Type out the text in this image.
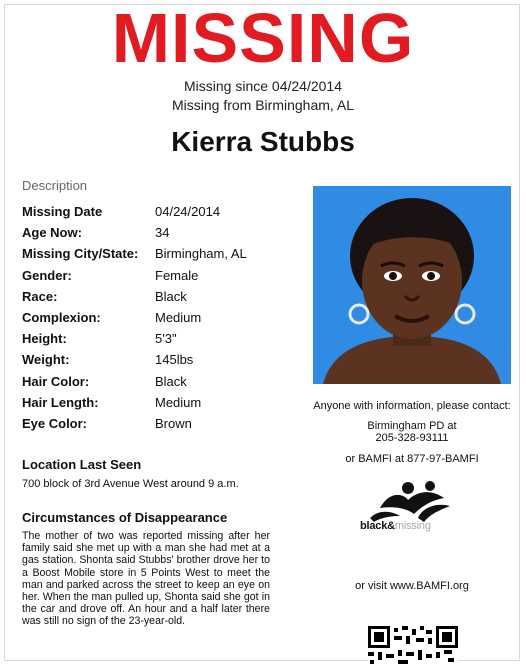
MISSING
Missing since 04/24/2014
Missing from Birmingham, AL
Kierra Stubbs
Description
Missing Date	04/24/2014
Age Now:	34
Missing City/State: Birmingham, AL
Gender:	Female
Race:	Black
Complexion:	Medium
Height:	5'3"
Weight:	145lbs
Hair Color:	Black
Hair Length:	Medium
Eye Color:	Brown
Location Last Seen
700 block of 3rd Avenue West around 9 a.m.
Circumstances of Disappearance
The mother of two was reported missing after her family said she met up with a man she had met at a gas station. Shonta said Stubbs' brother drove her to a Boost Mobile store in 5 Points West to meet the man and parked across the street to keep an eye on her. When the man pulled up, Shonta said she got in the car and drove off. An hour and a half later there was still no sign of the 23-year-old.
Anyone with information, please contact:
Birmingham PD at
205-328-93111
or BAMFI at 877-97-BAMFI
black&missing
or visit www.BAMFI.org
